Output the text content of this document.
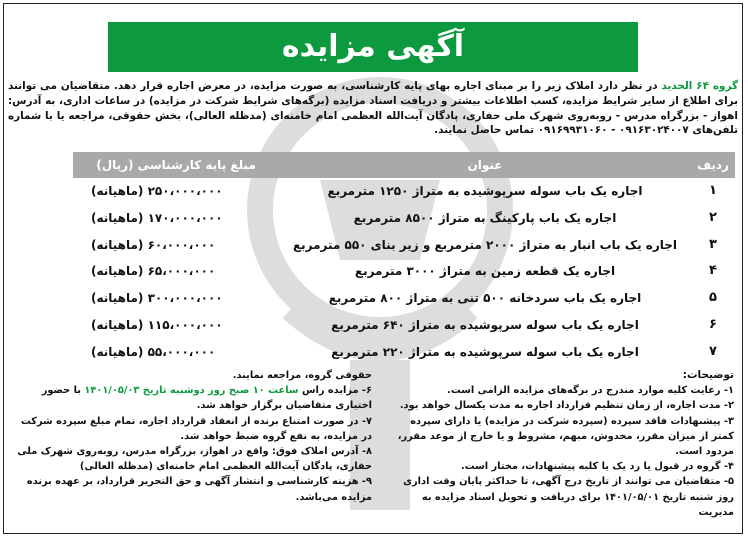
آگهی مزایده
گروه ۶۴ الحدید در نظر دارد املاک زیر را بر مبنای اجاره بهای پایه کارشناسی، به صورت مزایده، در معرض اجاره قرار دهد. متقاضیان می توانند برای اطلاع از سایر شرایط مزایده، کسب اطلاعات بیشتر و دریافت اسناد مزایده (برگه‌های شرایط شرکت در مزایده) در ساعات اداری، به آدرس: اهواز - بزرگراه مدرس - روبه‌روی شهرک ملی حفاری، پادگان آیت‌الله العظمی امام خامنه‌ای (مدظله العالی)، بخش حقوقی، مراجعه یا با شماره تلفن‌های ۰۹۱۶۳۰۲۴۰۰۷ - ۰۹۱۶۹۹۳۱۰۶۰ تماس حاصل نمایند.
ردیف
عنوان
مبلغ پایه کارشناسی (ریال)
۱
اجاره یک باب سوله سرپوشیده به متراژ ۱۲۵۰ مترمربع
۲۵۰،۰۰۰،۰۰۰ (ماهیانه)
۲
اجاره یک باب پارکینگ به متراژ ۸۵۰۰ مترمربع
۱۷۰،۰۰۰،۰۰۰ (ماهیانه)
۳
اجاره یک باب انبار به متراژ ۲۰۰۰ مترمربع و زیر بنای ۵۵۰ مترمربع
۶۰،۰۰۰،۰۰۰ (ماهیانه)
۴
اجاره یک قطعه زمین به متراژ ۳۰۰۰ مترمربع
۶۵،۰۰۰،۰۰۰ (ماهیانه)
۵
اجاره یک باب سردخانه ۵۰۰ تنی به متراژ ۸۰۰ مترمربع
۳۰۰،۰۰۰،۰۰۰ (ماهیانه)
۶
اجاره یک باب سوله سرپوشیده به متراژ ۶۴۰ مترمربع
۱۱۵،۰۰۰،۰۰۰ (ماهیانه)
۷
اجاره یک باب سوله سرپوشیده به متراژ ۲۲۰ مترمربع
۵۵،۰۰۰،۰۰۰ (ماهیانه)

توضیحات:

۱- رعایت کلیه موارد مندرج در برگه‌های مزایده الزامی است.

۲- مدت اجاره، از زمان تنظیم قرارداد اجاره به مدت یکسال خواهد بود.

۳- پیشنهادات فاقد سپرده (سپرده شرکت در مزایده) یا دارای سپرده کمتر از میزان مقرر، مخدوش، مبهم، مشروط و یا خارج از موعد مقرر، مردود است.

۴- گروه در قبول یا رد یک یا کلیه پیشنهادات، مختار است.

۵- متقاضیان می توانند از تاریخ درج آگهی، تا حداکثر پایان وقت اداری روز شنبه تاریخ ۱۴۰۱/۰۵/۰۱ برای دریافت و تحویل اسناد مزایده به مدیریت

حقوقی گروه، مراجعه نمایند.

۶- مزایده راس ساعت ۱۰ صبح روز دوشنبه تاریخ ۱۴۰۱/۰۵/۰۳ با حضور اختیاری متقاضیان برگزار خواهد شد.

۷- در صورت امتناع برنده از انعقاد قرارداد اجاره، تمام مبلغ سپرده شرکت در مزایده، به نفع گروه ضبط خواهد شد.

۸- آدرس املاک فوق: واقع در اهواز، بزرگراه مدرس، روبه‌روی شهرک ملی حفاری، پادگان آیت‌الله العظمی امام خامنه‌ای (مدظله العالی)

۹- هزینه کارشناسی و انتشار آگهی و حق التحریر قرارداد، بر عهده برنده مزایده می‌باشد.
